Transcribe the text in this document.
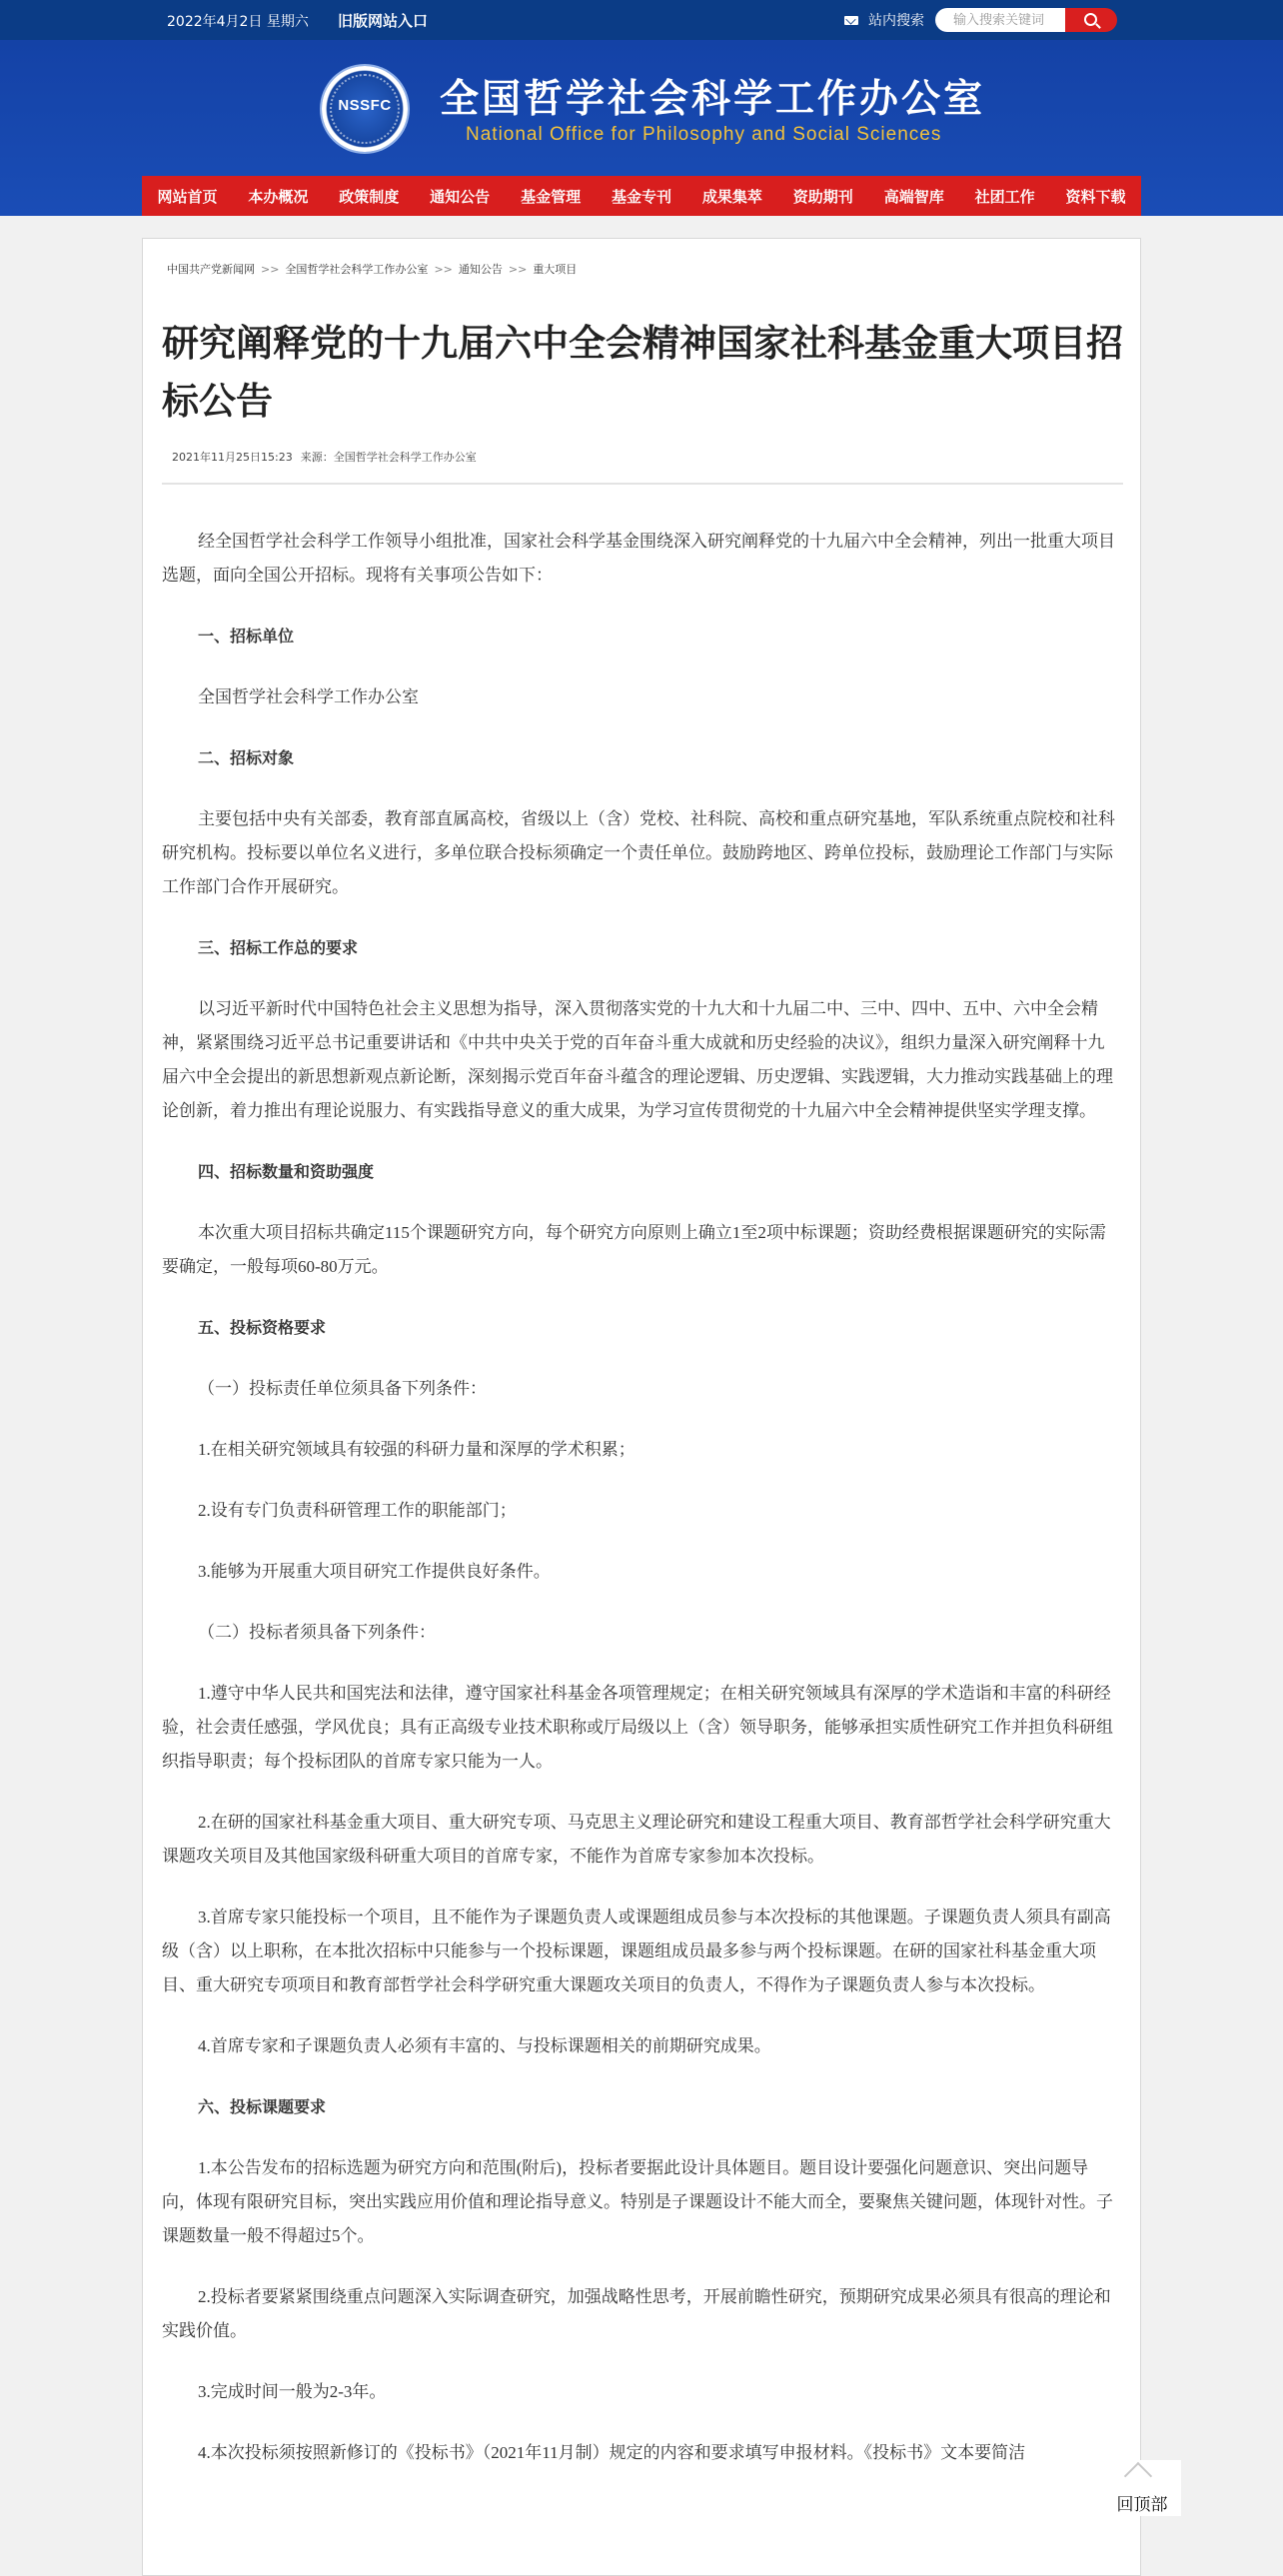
2022年4月2日 星期六 旧版网站入口	站内搜索
输入搜索关键词
NSSFC	全国哲学社会科学工作办公室
National Office for Philosophy and Social Sciences
网站首页	本办概况	政策制度	通知公告	基金管理	基金专刊	成果集萃	资助期刊	高端智库	社团工作	资料下载
中国共产党新闻网 >> 全国哲学社会科学工作办公室 >> 通知公告 >> 重大项目
研究阐释党的十九届六中全会精神国家社科基金重大项目招标公告
2021年11月25日15:23 来源：全国哲学社会科学工作办公室

经全国哲学社会科学工作领导小组批准，国家社会科学基金围绕深入研究阐释党的十九届六中全会精神，列出一批重大项目选题，面向全国公开招标。现将有关事项公告如下：

一、招标单位

全国哲学社会科学工作办公室

二、招标对象

主要包括中央有关部委，教育部直属高校，省级以上（含）党校、社科院、高校和重点研究基地，军队系统重点院校和社科研究机构。投标要以单位名义进行，多单位联合投标须确定一个责任单位。鼓励跨地区、跨单位投标，鼓励理论工作部门与实际工作部门合作开展研究。

三、招标工作总的要求

以习近平新时代中国特色社会主义思想为指导，深入贯彻落实党的十九大和十九届二中、三中、四中、五中、六中全会精神，紧紧围绕习近平总书记重要讲话和《中共中央关于党的百年奋斗重大成就和历史经验的决议》，组织力量深入研究阐释十九届六中全会提出的新思想新观点新论断，深刻揭示党百年奋斗蕴含的理论逻辑、历史逻辑、实践逻辑，大力推动实践基础上的理论创新，着力推出有理论说服力、有实践指导意义的重大成果，为学习宣传贯彻党的十九届六中全会精神提供坚实学理支撑。

四、招标数量和资助强度

本次重大项目招标共确定115个课题研究方向，每个研究方向原则上确立1至2项中标课题；资助经费根据课题研究的实际需要确定，一般每项60-80万元。

五、投标资格要求

（一）投标责任单位须具备下列条件：

1.在相关研究领域具有较强的科研力量和深厚的学术积累；

2.设有专门负责科研管理工作的职能部门；

3.能够为开展重大项目研究工作提供良好条件。

（二）投标者须具备下列条件：

1.遵守中华人民共和国宪法和法律，遵守国家社科基金各项管理规定；在相关研究领域具有深厚的学术造诣和丰富的科研经验，社会责任感强，学风优良；具有正高级专业技术职称或厅局级以上（含）领导职务，能够承担实质性研究工作并担负科研组织指导职责；每个投标团队的首席专家只能为一人。

2.在研的国家社科基金重大项目、重大研究专项、马克思主义理论研究和建设工程重大项目、教育部哲学社会科学研究重大课题攻关项目及其他国家级科研重大项目的首席专家，不能作为首席专家参加本次投标。

3.首席专家只能投标一个项目，且不能作为子课题负责人或课题组成员参与本次投标的其他课题。子课题负责人须具有副高级（含）以上职称，在本批次招标中只能参与一个投标课题，课题组成员最多参与两个投标课题。在研的国家社科基金重大项目、重大研究专项项目和教育部哲学社会科学研究重大课题攻关项目的负责人，不得作为子课题负责人参与本次投标。

4.首席专家和子课题负责人必须有丰富的、与投标课题相关的前期研究成果。

六、投标课题要求

1.本公告发布的招标选题为研究方向和范围(附后)，投标者要据此设计具体题目。题目设计要强化问题意识、突出问题导向，体现有限研究目标，突出实践应用价值和理论指导意义。特别是子课题设计不能大而全，要聚焦关键问题，体现针对性。子课题数量一般不得超过5个。

2.投标者要紧紧围绕重点问题深入实际调查研究，加强战略性思考，开展前瞻性研究，预期研究成果必须具有很高的理论和实践价值。

3.完成时间一般为2-3年。

4.本次投标须按照新修订的《投标书》（2021年11月制）规定的内容和要求填写申报材料。《投标书》文本要简洁

回顶部
